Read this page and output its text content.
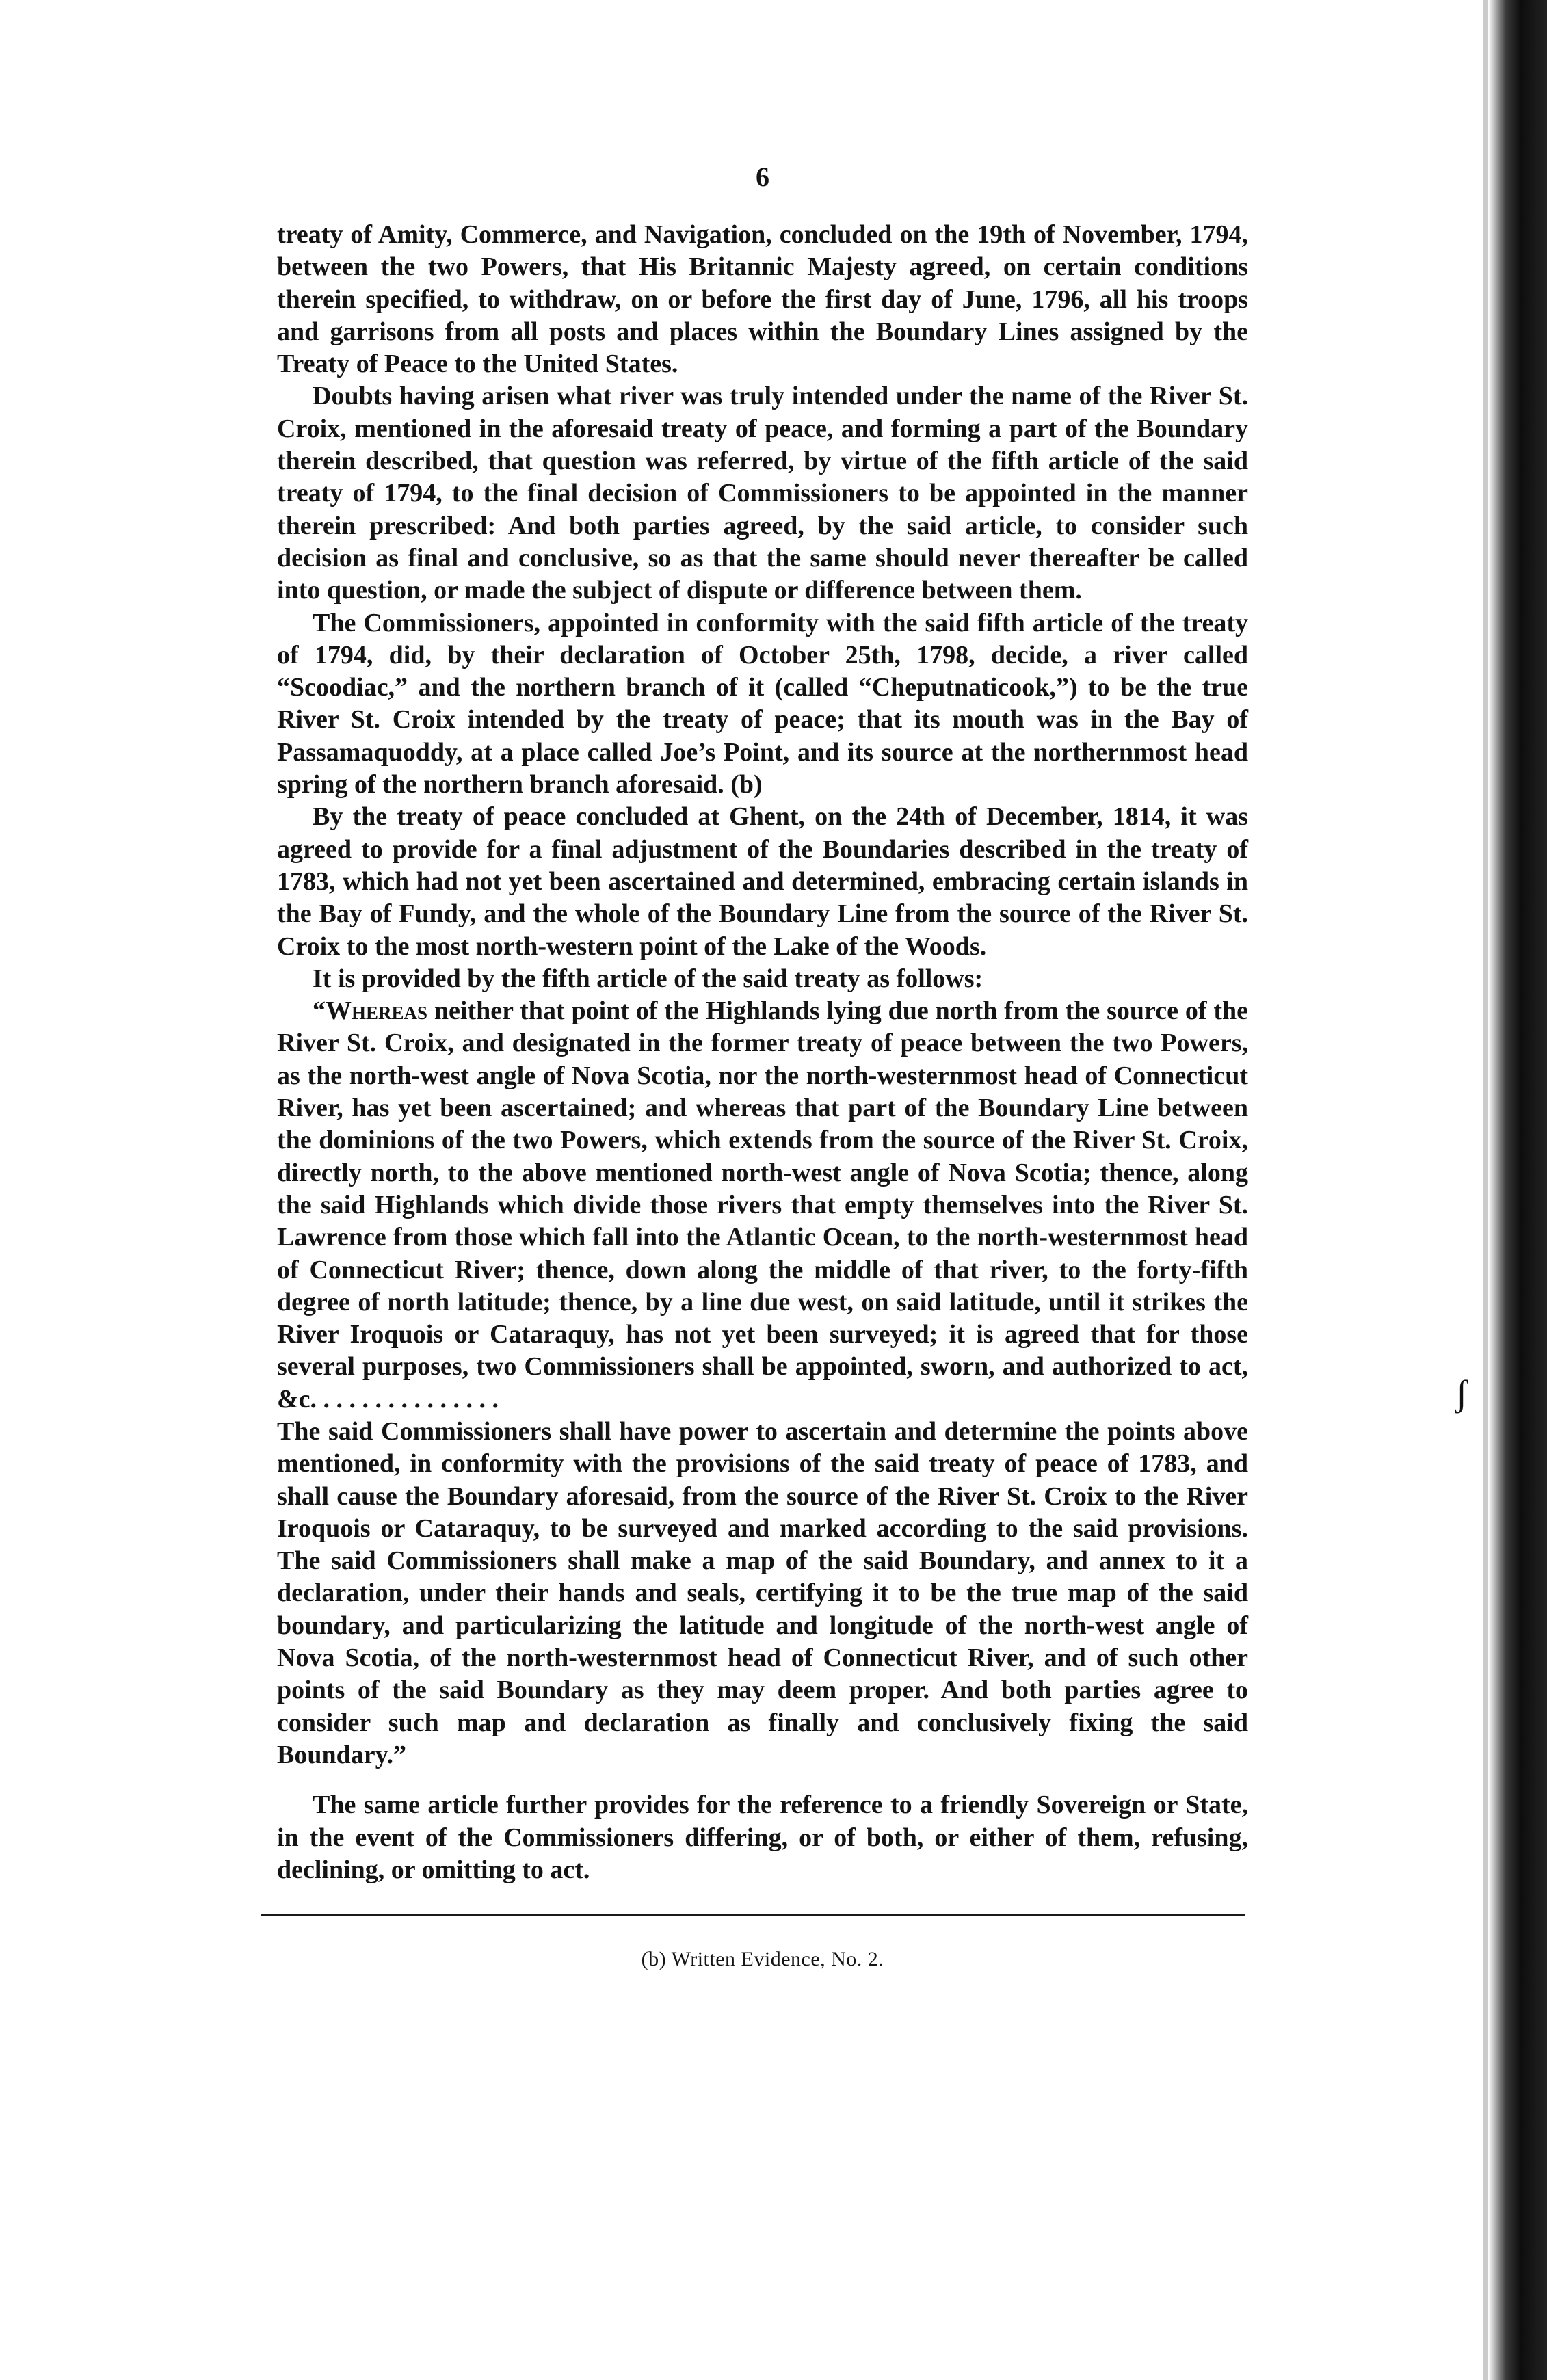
ʃ
6

treaty of Amity, Commerce, and Navigation, concluded on the 19th of November, 1794, between the two Powers, that His Britannic Majesty agreed, on certain conditions therein specified, to withdraw, on or before the first day of June, 1796, all his troops and garrisons from all posts and places within the Boundary Lines assigned by the Treaty of Peace to the United States.

Doubts having arisen what river was truly intended under the name of the River St. Croix, mentioned in the aforesaid treaty of peace, and forming a part of the Boundary therein described, that question was referred, by virtue of the fifth article of the said treaty of 1794, to the final decision of Commissioners to be appointed in the manner therein prescribed: And both parties agreed, by the said article, to consider such decision as final and conclusive, so as that the same should never thereafter be called into question, or made the subject of dispute or difference between them.

The Commissioners, appointed in conformity with the said fifth article of the treaty of 1794, did, by their declaration of October 25th, 1798, decide, a river called “Scoodiac,” and the northern branch of it (called “Cheputnaticook,”) to be the true River St. Croix intended by the treaty of peace; that its mouth was in the Bay of Passamaquoddy, at a place called Joe’s Point, and its source at the northernmost head spring of the northern branch aforesaid. (b)

By the treaty of peace concluded at Ghent, on the 24th of December, 1814, it was agreed to provide for a final adjustment of the Boundaries described in the treaty of 1783, which had not yet been ascertained and determined, embracing certain islands in the Bay of Fundy, and the whole of the Boundary Line from the source of the River St. Croix to the most north-western point of the Lake of the Woods.

It is provided by the fifth article of the said treaty as follows:

“Whereas neither that point of the Highlands lying due north from the source of the River St. Croix, and designated in the former treaty of peace between the two Powers, as the north-west angle of Nova Scotia, nor the north-westernmost head of Connecticut River, has yet been ascertained; and whereas that part of the Boundary Line between the dominions of the two Powers, which extends from the source of the River St. Croix, directly north, to the above mentioned north-west angle of Nova Scotia; thence, along the said Highlands which divide those rivers that empty themselves into the River St. Lawrence from those which fall into the Atlantic Ocean, to the north-westernmost head of Connecticut River; thence, down along the middle of that river, to the forty-fifth degree of north latitude; thence, by a line due west, on said latitude, until it strikes the River Iroquois or Cataraquy, has not yet been surveyed; it is agreed that for those several purposes, two Commissioners shall be appointed, sworn, and authorized to act, &c. . . . . . . . . . . . . . .

The said Commissioners shall have power to ascertain and determine the points above mentioned, in conformity with the provisions of the said treaty of peace of 1783, and shall cause the Boundary aforesaid, from the source of the River St. Croix to the River Iroquois or Cataraquy, to be surveyed and marked according to the said provisions. The said Commissioners shall make a map of the said Boundary, and annex to it a declaration, under their hands and seals, certifying it to be the true map of the said boundary, and particularizing the latitude and longitude of the north-west angle of Nova Scotia, of the north-westernmost head of Connecticut River, and of such other points of the said Boundary as they may deem proper. And both parties agree to consider such map and declaration as finally and conclusively fixing the said Boundary.”

The same article further provides for the reference to a friendly Sovereign or State, in the event of the Commissioners differing, or of both, or either of them, refusing, declining, or omitting to act.

(b) Written Evidence, No. 2.
